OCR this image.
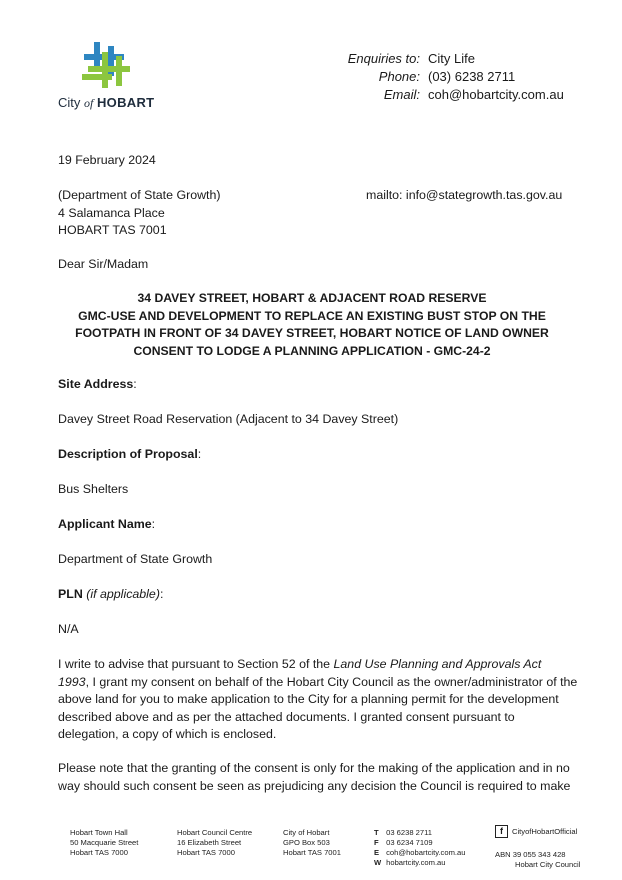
City of HOBART
Enquiries to:
Phone:
Email:
City Life
(03) 6238 2711
coh@hobartcity.com.au
19 February 2024
(Department of State Growth)
4 Salamanca Place
HOBART TAS 7001
mailto: info@stategrowth.tas.gov.au
Dear Sir/Madam
34 DAVEY STREET, HOBART & ADJACENT ROAD RESERVE
GMC-USE AND DEVELOPMENT TO REPLACE AN EXISTING BUST STOP ON THE
FOOTPATH IN FRONT OF 34 DAVEY STREET, HOBART NOTICE OF LAND OWNER
CONSENT TO LODGE A PLANNING APPLICATION - GMC-24-2
Site Address:
Davey Street Road Reservation (Adjacent to 34 Davey Street)
Description of Proposal:
Bus Shelters
Applicant Name:
Department of State Growth
PLN (if applicable):
N/A
I write to advise that pursuant to Section 52 of the Land Use Planning and Approvals Act
1993, I grant my consent on behalf of the Hobart City Council as the owner/administrator of the
above land for you to make application to the City for a planning permit for the development
described above and as per the attached documents. I granted consent pursuant to
delegation, a copy of which is enclosed.
Please note that the granting of the consent is only for the making of the application and in no
way should such consent be seen as prejudicing any decision the Council is required to make
Hobart Town Hall
50 Macquarie Street
Hobart TAS 7000
Hobart Council Centre
16 Elizabeth Street
Hobart TAS 7000
City of Hobart
GPO Box 503
Hobart TAS 7001
T 03 6238 2711
F 03 6234 7109
E coh@hobartcity.com.au
W hobartcity.com.au
f	CityofHobartOfficial
ABN 39 055 343 428
Hobart City Council
